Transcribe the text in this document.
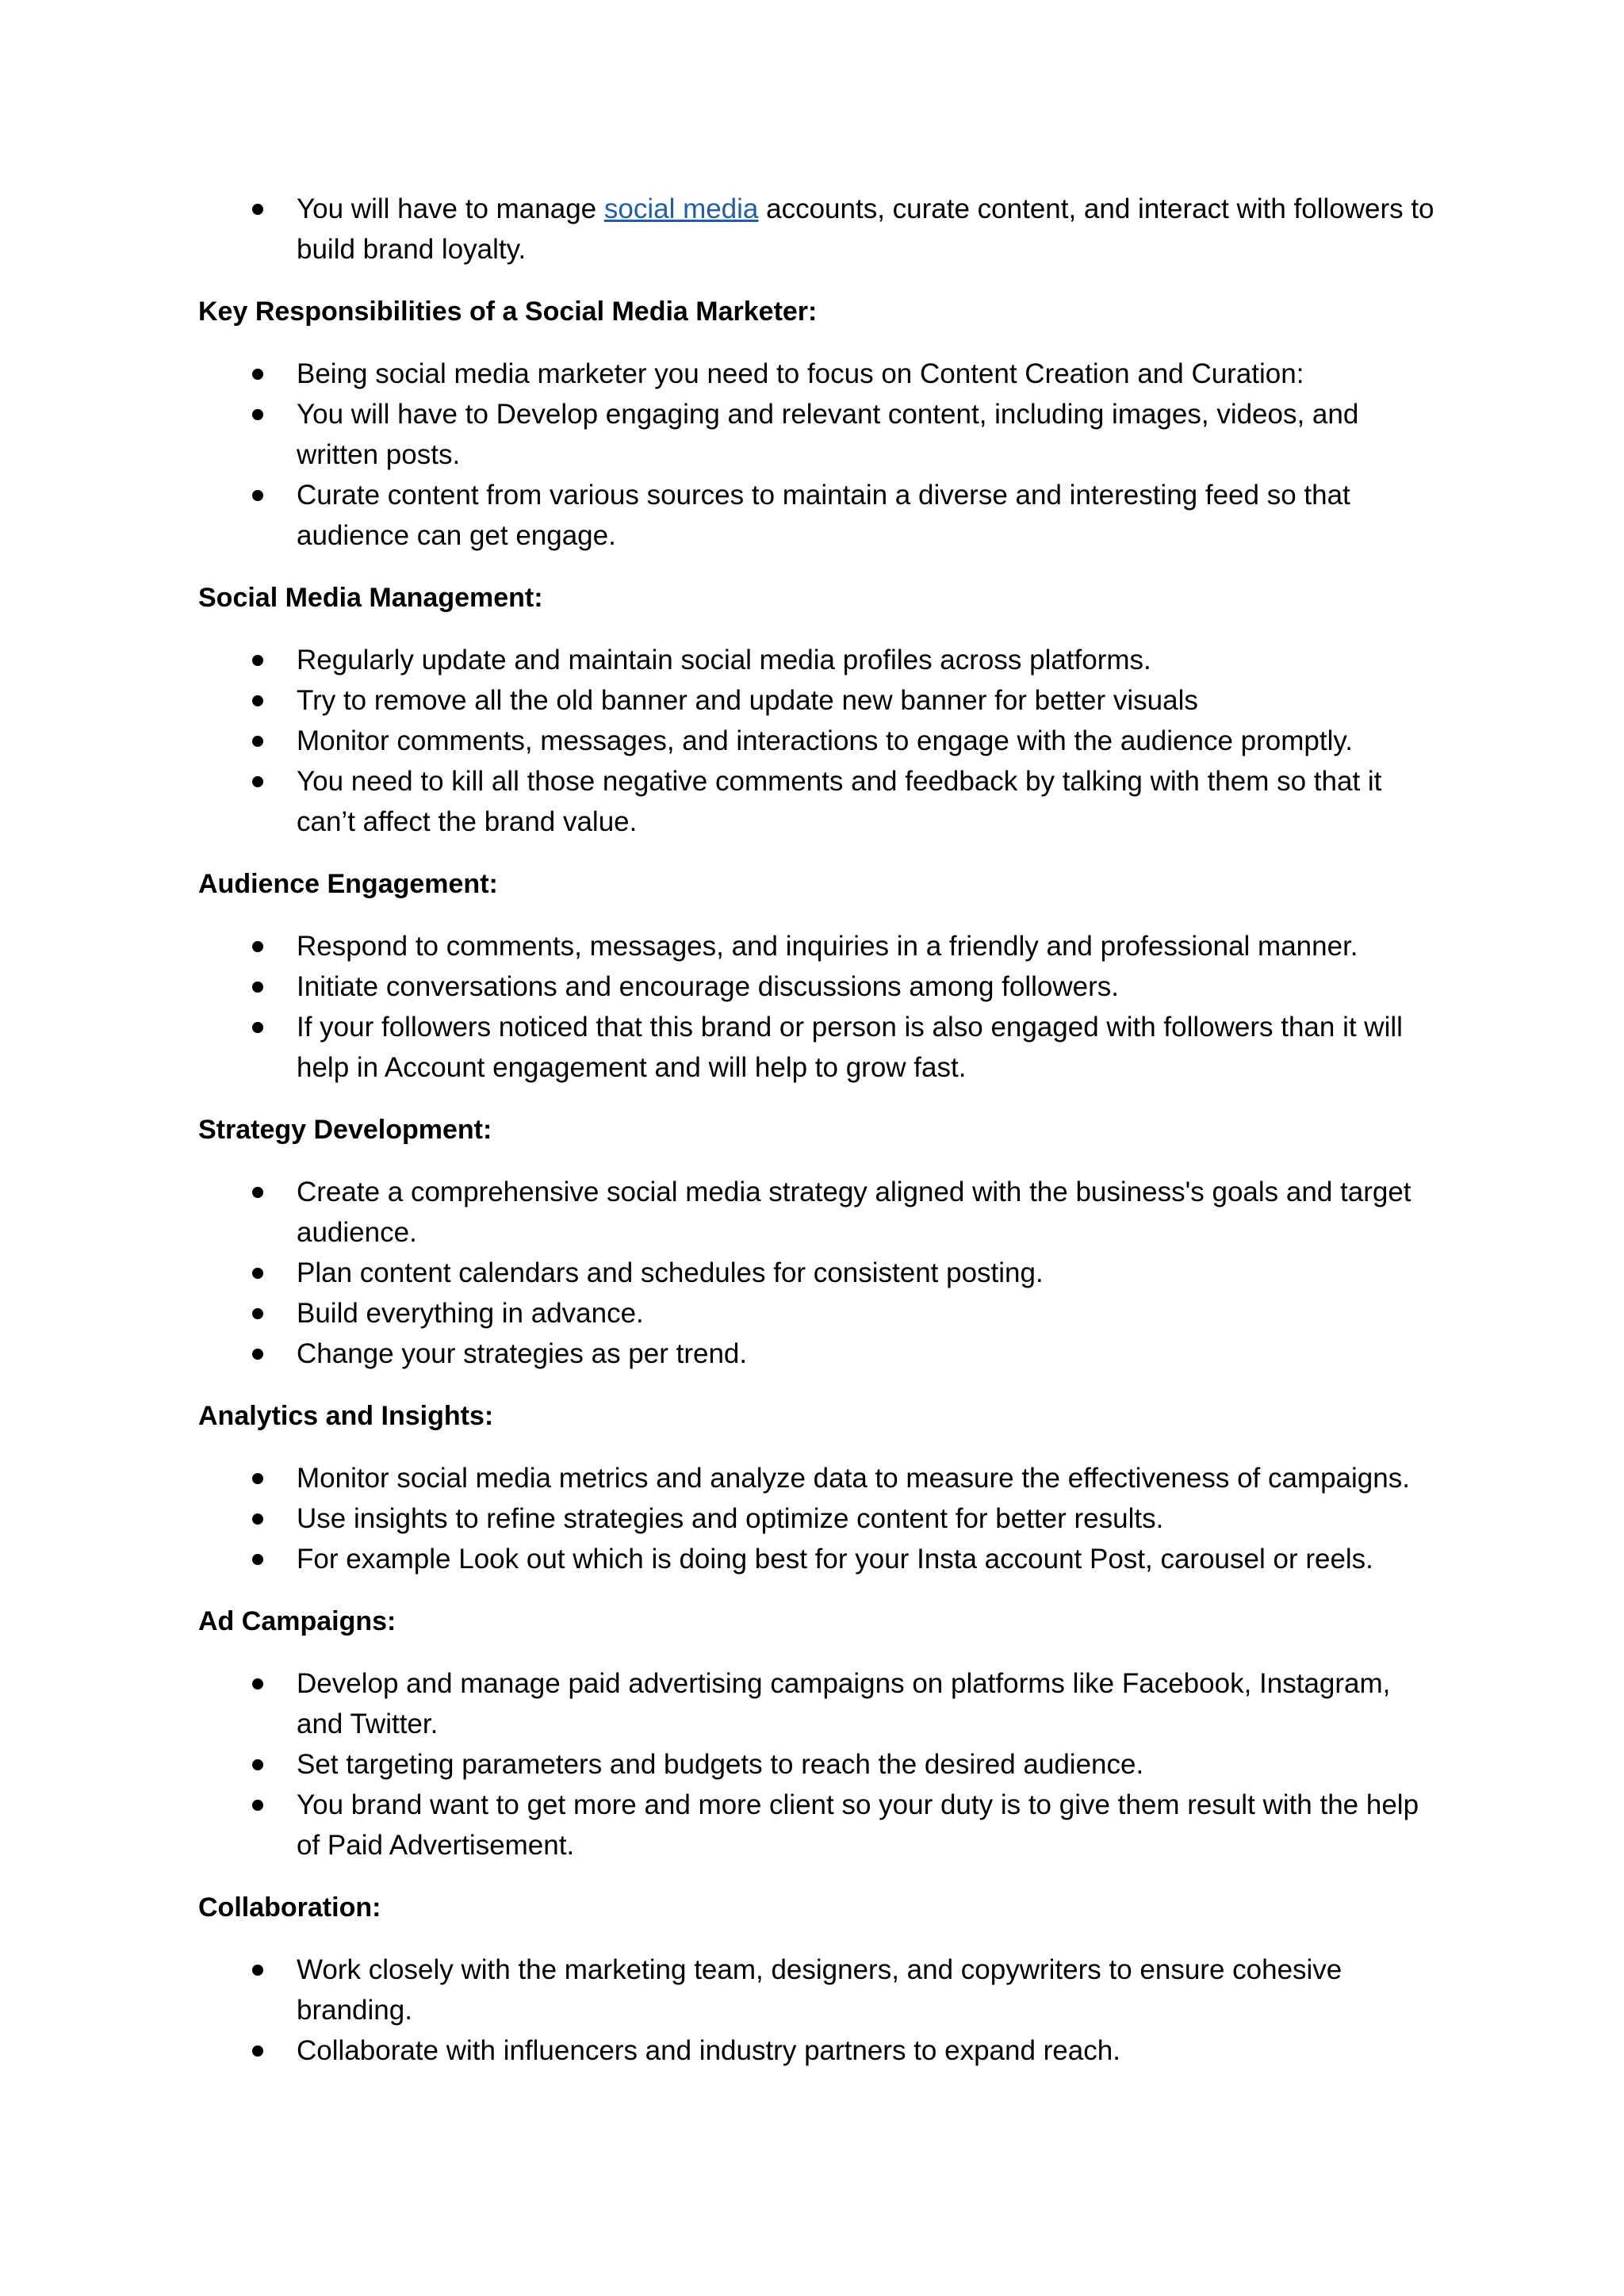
You will have to manage social media accounts, curate content, and interact with followers to build brand loyalty.
Key Responsibilities of a Social Media Marketer:
Being social media marketer you need to focus on Content Creation and Curation:
You will have to Develop engaging and relevant content, including images, videos, and written posts.
Curate content from various sources to maintain a diverse and interesting feed so that audience can get engage.
Social Media Management:
Regularly update and maintain social media profiles across platforms.
Try to remove all the old banner and update new banner for better visuals
Monitor comments, messages, and interactions to engage with the audience promptly.
You need to kill all those negative comments and feedback by talking with them so that it can’t affect the brand value.
Audience Engagement:
Respond to comments, messages, and inquiries in a friendly and professional manner.
Initiate conversations and encourage discussions among followers.
If your followers noticed that this brand or person is also engaged with followers than it will help in Account engagement and will help to grow fast.
Strategy Development:
Create a comprehensive social media strategy aligned with the business's goals and target audience.
Plan content calendars and schedules for consistent posting.
Build everything in advance.
Change your strategies as per trend.
Analytics and Insights:
Monitor social media metrics and analyze data to measure the effectiveness of campaigns.
Use insights to refine strategies and optimize content for better results.
For example Look out which is doing best for your Insta account Post, carousel or reels.
Ad Campaigns:
Develop and manage paid advertising campaigns on platforms like Facebook, Instagram, and Twitter.
Set targeting parameters and budgets to reach the desired audience.
You brand want to get more and more client so your duty is to give them result with the help of Paid Advertisement.
Collaboration:
Work closely with the marketing team, designers, and copywriters to ensure cohesive branding.
Collaborate with influencers and industry partners to expand reach.
